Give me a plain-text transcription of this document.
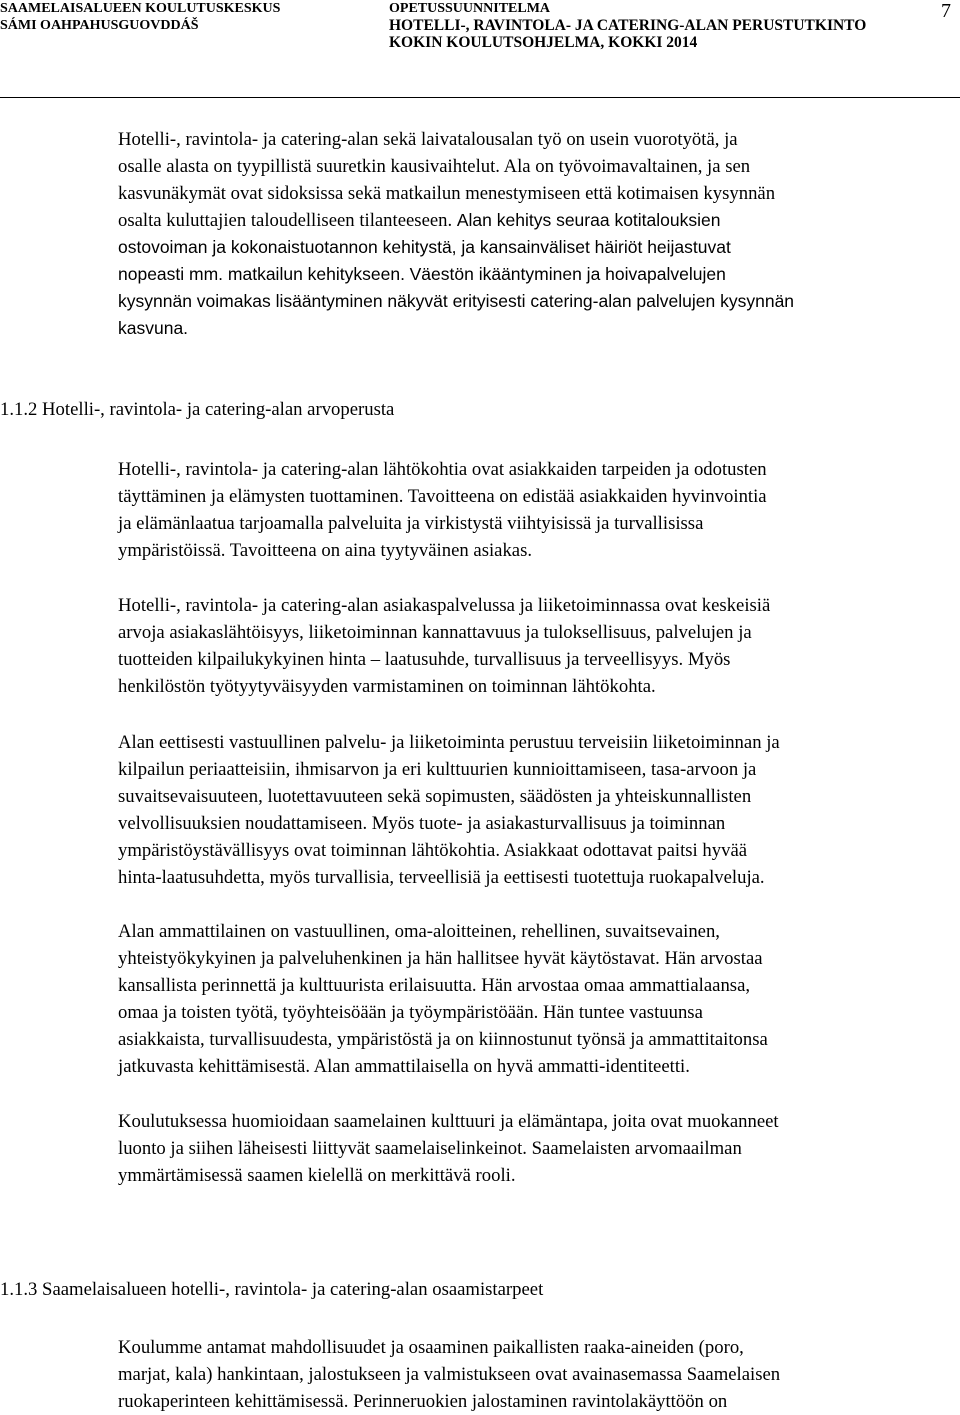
SAAMELAISALUEEN KOULUTUSKESKUS
SÁMI OAHPAHUSGUOVDDÁŠ
OPETUSSUUNNITELMA
HOTELLI-, RAVINTOLA- JA CATERING-ALAN PERUSTUTKINTO
KOKIN KOULUTSOHJELMA, KOKKI 2014
7

Hotelli-, ravintola- ja catering-alan sekä laivatalousalan työ on usein vuorotyötä, ja
osalle alasta on tyypillistä suuretkin kausivaihtelut. Ala on työvoimavaltainen, ja sen
kasvunäkymät ovat sidoksissa sekä matkailun menestymiseen että kotimaisen kysynnän
osalta kuluttajien taloudelliseen tilanteeseen. Alan kehitys seuraa kotitalouksien
ostovoiman ja kokonaistuotannon kehitystä, ja kansainväliset häiriöt heijastuvat
nopeasti mm. matkailun kehitykseen. Väestön ikääntyminen ja hoivapalvelujen
kysynnän voimakas lisääntyminen näkyvät erityisesti catering-alan palvelujen kysynnän
kasvuna.

1.1.2 Hotelli-, ravintola- ja catering-alan arvoperusta

Hotelli-, ravintola- ja catering-alan lähtökohtia ovat asiakkaiden tarpeiden ja odotusten
täyttäminen ja elämysten tuottaminen. Tavoitteena on edistää asiakkaiden hyvinvointia
ja elämänlaatua tarjoamalla palveluita ja virkistystä viihtyisissä ja turvallisissa
ympäristöissä. Tavoitteena on aina tyytyväinen asiakas.

Hotelli-, ravintola- ja catering-alan asiakaspalvelussa ja liiketoiminnassa ovat keskeisiä
arvoja asiakaslähtöisyys, liiketoiminnan kannattavuus ja tuloksellisuus, palvelujen ja
tuotteiden kilpailukykyinen hinta – laatusuhde, turvallisuus ja terveellisyys. Myös
henkilöstön työtyytyväisyyden varmistaminen on toiminnan lähtökohta.

Alan eettisesti vastuullinen palvelu- ja liiketoiminta perustuu terveisiin liiketoiminnan ja
kilpailun periaatteisiin, ihmisarvon ja eri kulttuurien kunnioittamiseen, tasa-arvoon ja
suvaitsevaisuuteen, luotettavuuteen sekä sopimusten, säädösten ja yhteiskunnallisten
velvollisuuksien noudattamiseen. Myös tuote- ja asiakasturvallisuus ja toiminnan
ympäristöystävällisyys ovat toiminnan lähtökohtia. Asiakkaat odottavat paitsi hyvää
hinta-laatusuhdetta, myös turvallisia, terveellisiä ja eettisesti tuotettuja ruokapalveluja.

Alan ammattilainen on vastuullinen, oma-aloitteinen, rehellinen, suvaitsevainen,
yhteistyökykyinen ja palveluhenkinen ja hän hallitsee hyvät käytöstavat. Hän arvostaa
kansallista perinnettä ja kulttuurista erilaisuutta. Hän arvostaa omaa ammattialaansa,
omaa ja toisten työtä, työyhteisöään ja työympäristöään. Hän tuntee vastuunsa
asiakkaista, turvallisuudesta, ympäristöstä ja on kiinnostunut työnsä ja ammattitaitonsa
jatkuvasta kehittämisestä. Alan ammattilaisella on hyvä ammatti-identiteetti.

Koulutuksessa huomioidaan saamelainen kulttuuri ja elämäntapa, joita ovat muokanneet
luonto ja siihen läheisesti liittyvät saamelaiselinkeinot. Saamelaisten arvomaailman
ymmärtämisessä saamen kielellä on merkittävä rooli.

1.1.3 Saamelaisalueen hotelli-, ravintola- ja catering-alan osaamistarpeet

Koulumme antamat mahdollisuudet ja osaaminen paikallisten raaka-aineiden (poro,
marjat, kala) hankintaan, jalostukseen ja valmistukseen ovat avainasemassa Saamelaisen
ruokaperinteen kehittämisessä. Perinneruokien jalostaminen ravintolakäyttöön on
